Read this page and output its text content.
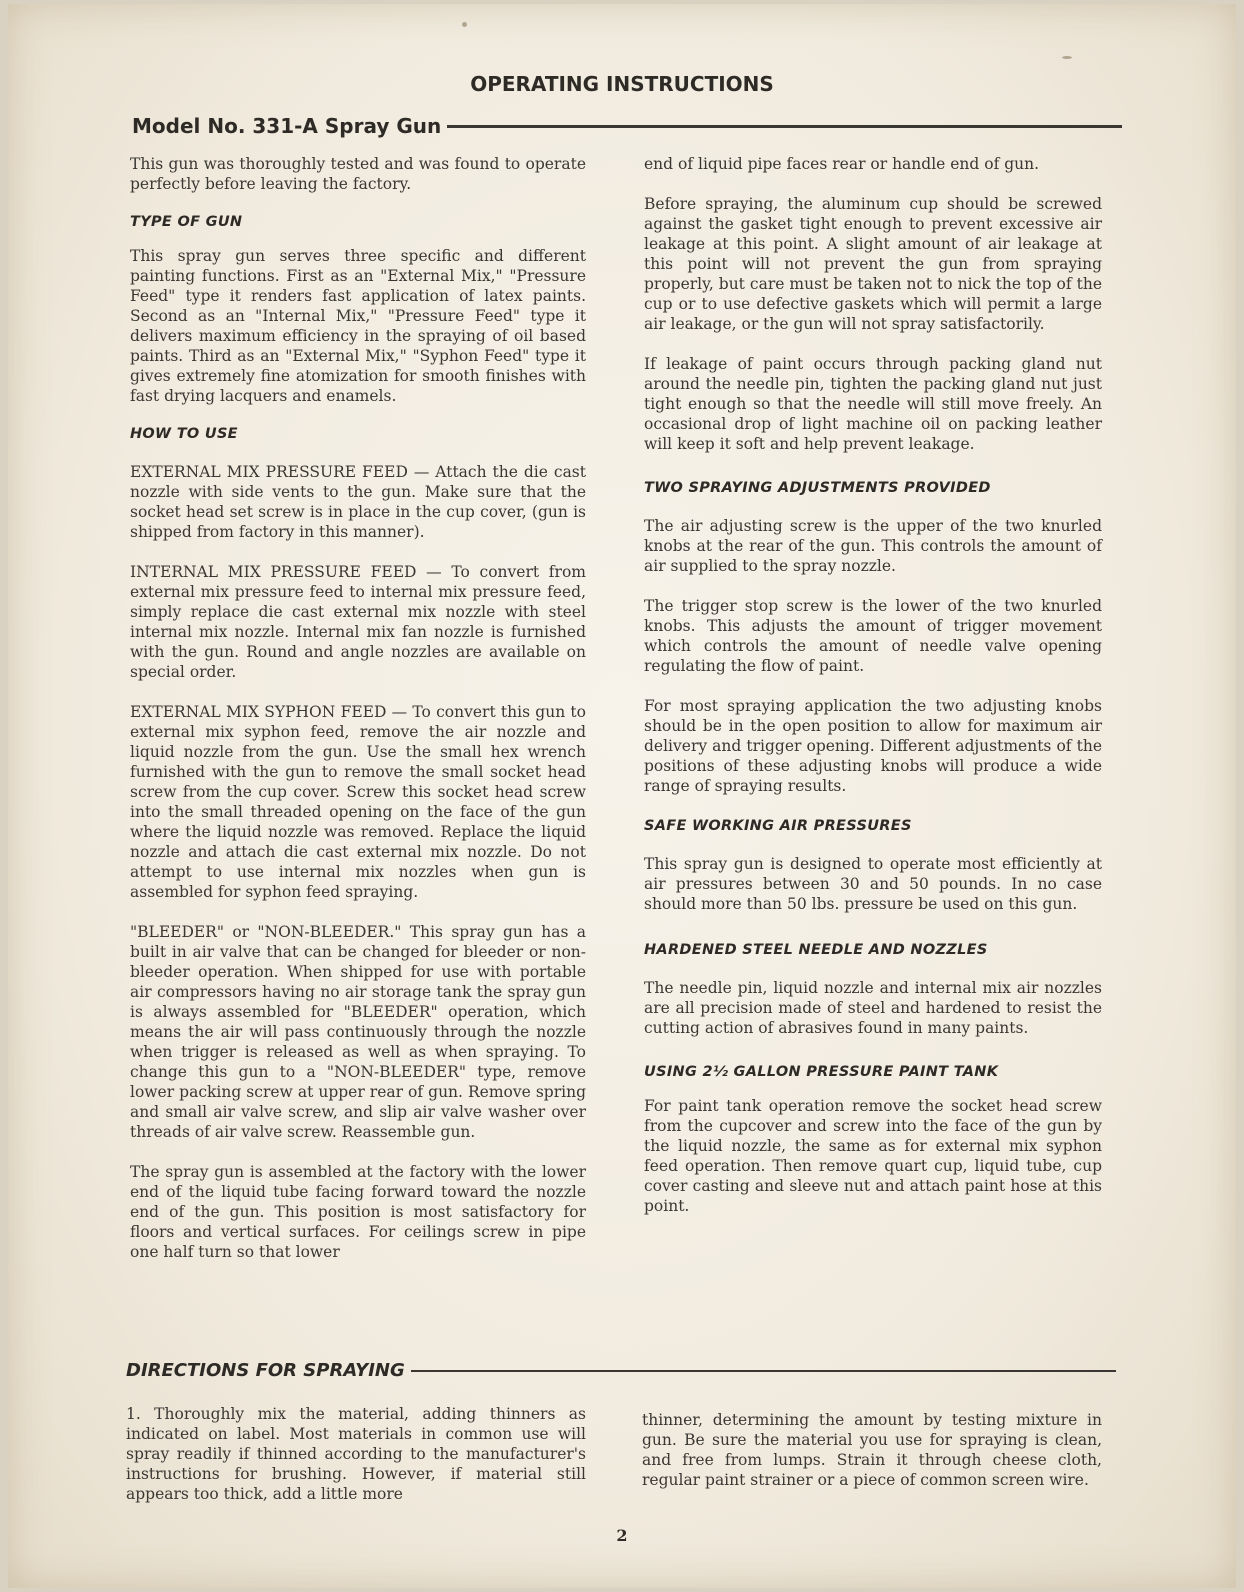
OPERATING INSTRUCTIONS
Model No. 331-A Spray Gun

This gun was thoroughly tested and was found to operate perfectly before leaving the factory.

TYPE OF GUN

This spray gun serves three specific and different painting functions. First as an "External Mix," "Pressure Feed" type it renders fast application of latex paints. Second as an "Internal Mix," "Pressure Feed" type it delivers maximum efficiency in the spraying of oil based paints. Third as an "External Mix," "Syphon Feed" type it gives extremely fine atomization for smooth finishes with fast drying lacquers and enamels.

HOW TO USE

EXTERNAL MIX PRESSURE FEED — Attach the die cast nozzle with side vents to the gun. Make sure that the socket head set screw is in place in the cup cover, (gun is shipped from factory in this manner).

INTERNAL MIX PRESSURE FEED — To convert from external mix pressure feed to internal mix pressure feed, simply replace die cast external mix nozzle with steel internal mix nozzle. Internal mix fan nozzle is furnished with the gun. Round and angle nozzles are available on special order.

EXTERNAL MIX SYPHON FEED — To convert this gun to external mix syphon feed, remove the air nozzle and liquid nozzle from the gun. Use the small hex wrench furnished with the gun to remove the small socket head screw from the cup cover. Screw this socket head screw into the small threaded opening on the face of the gun where the liquid nozzle was removed. Replace the liquid nozzle and attach die cast external mix nozzle. Do not attempt to use internal mix nozzles when gun is assembled for syphon feed spraying.

"BLEEDER" or "NON-BLEEDER." This spray gun has a built in air valve that can be changed for bleeder or non-bleeder operation. When shipped for use with portable air compressors having no air storage tank the spray gun is always assembled for "BLEEDER" operation, which means the air will pass continuously through the nozzle when trigger is released as well as when spraying. To change this gun to a "NON-BLEEDER" type, remove lower packing screw at upper rear of gun. Remove spring and small air valve screw, and slip air valve washer over threads of air valve screw. Reassemble gun.

The spray gun is assembled at the factory with the lower end of the liquid tube facing forward toward the nozzle end of the gun. This position is most satisfactory for floors and vertical surfaces. For ceilings screw in pipe one half turn so that lower

end of liquid pipe faces rear or handle end of gun.

Before spraying, the aluminum cup should be screwed against the gasket tight enough to prevent excessive air leakage at this point. A slight amount of air leakage at this point will not prevent the gun from spraying properly, but care must be taken not to nick the top of the cup or to use defective gaskets which will permit a large air leakage, or the gun will not spray satisfactorily.

If leakage of paint occurs through packing gland nut around the needle pin, tighten the packing gland nut just tight enough so that the needle will still move freely. An occasional drop of light machine oil on packing leather will keep it soft and help prevent leakage.

TWO SPRAYING ADJUSTMENTS PROVIDED

The air adjusting screw is the upper of the two knurled knobs at the rear of the gun. This controls the amount of air supplied to the spray nozzle.

The trigger stop screw is the lower of the two knurled knobs. This adjusts the amount of trigger movement which controls the amount of needle valve opening regulating the flow of paint.

For most spraying application the two adjusting knobs should be in the open position to allow for maximum air delivery and trigger opening. Different adjustments of the positions of these adjusting knobs will produce a wide range of spraying results.

SAFE WORKING AIR PRESSURES

This spray gun is designed to operate most efficiently at air pressures between 30 and 50 pounds. In no case should more than 50 lbs. pressure be used on this gun.

HARDENED STEEL NEEDLE AND NOZZLES

The needle pin, liquid nozzle and internal mix air nozzles are all precision made of steel and hardened to resist the cutting action of abrasives found in many paints.

USING 2½ GALLON PRESSURE PAINT TANK

For paint tank operation remove the socket head screw from the cupcover and screw into the face of the gun by the liquid nozzle, the same as for external mix syphon feed operation. Then remove quart cup, liquid tube, cup cover casting and sleeve nut and attach paint hose at this point.

DIRECTIONS FOR SPRAYING

1. Thoroughly mix the material, adding thinners as indicated on label. Most materials in common use will spray readily if thinned according to the manufacturer's instructions for brushing. However, if material still appears too thick, add a little more

thinner, determining the amount by testing mixture in gun. Be sure the material you use for spraying is clean, and free from lumps. Strain it through cheese cloth, regular paint strainer or a piece of common screen wire.

2
